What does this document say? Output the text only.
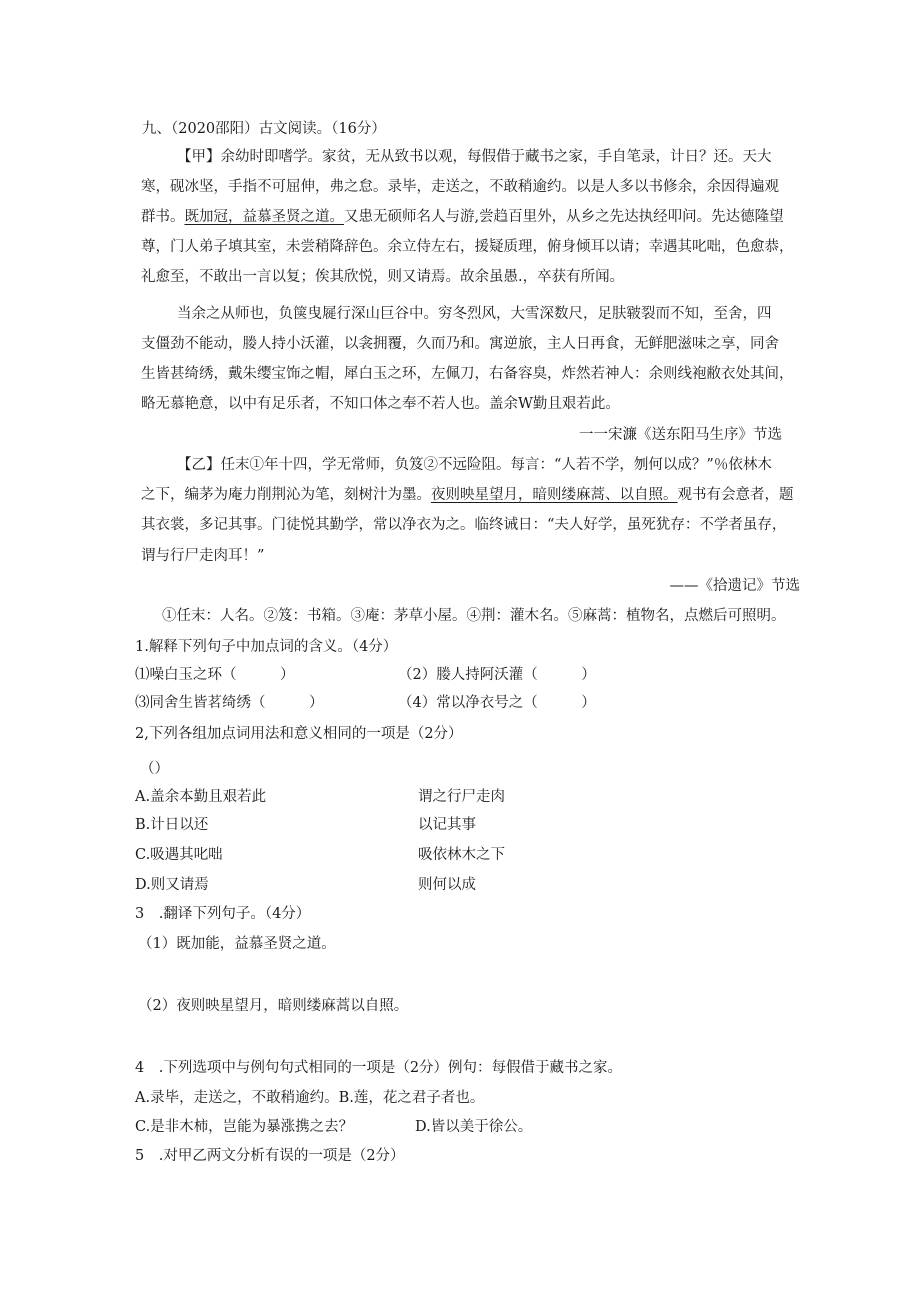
九、（2020邵阳）古文阅读。（16分）
【甲】余幼时即嗜学。家贫，无从致书以观，每假借于藏书之家，手自笔录，计日？还。天大
寒，砚冰坚，手指不可屈伸，弗之怠。录毕，走送之，不敢稍逾约。以是人多以书修余，余因得遍观
群书。既加冠，益慕圣贤之道。又患无硕师名人与游,尝趋百里外，从乡之先达执经叩问。先达德隆望
尊，门人弟子填其室，未尝稍降辞色。余立侍左右，援疑质理，俯身倾耳以请；幸遇其叱咄，色愈恭，
礼愈至，不敢出一言以复；俟其欣悦，则又请焉。故余虽愚.，卒获有所闻。
当余之从师也，负箧曳屣行深山巨谷中。穷冬烈风，大雪深数尺，足肤皲裂而不知，至舍，四
支僵劲不能动，媵人持小沃灌，以衾拥覆，久而乃和。寓逆旅，主人日再食，无鲜肥滋味之享，同舍
生皆甚绮绣，戴朱缨宝饰之帽，犀白玉之环，左佩刀，右备容臭，炸然若神人：余则线袍敝衣处其间，
略无慕艳意，以中有足乐者，不知口体之奉不若人也。盖余W勤且艰若此。
一一宋濂《送东阳马生序》节选
【乙】任末①年十四，学无常师，负笈②不远险阻。每言：“人若不学，刎何以成？”％依林木
之下，编茅为庵力削荆沁为笔，刻树汁为墨。夜则映星望月，暗则缕麻蒿、以自照。观书有会意者，题
其衣裳，多记其事。门徒悦其勤学，常以净衣为之。临终诫日：“夫人好学，虽死犹存：不学者虽存，
谓与行尸走肉耳！”
——《拾遗记》节选
①任末：人名。②笈：书箱。③庵：茅草小屋。④荆：灌木名。⑤麻蒿：植物名，点燃后可照明。
1.解释下列句子中加点词的含义。（4分）
⑴噪白玉之环（　　　）	（2）媵人持阿沃灌（　　　）
⑶同舍生皆茗绮绣（　　　）	（4）常以净衣号之（　　　）
2,下列各组加点词用法和意义相同的一项是（2分）
（）
A.盖余本勤且艰若此	谓之行尸走肉
B.计日以还	以记其事
C.吸遇其叱咄	吸依林木之下
D.则又请焉	则何以成
3　.翻译下列句子。（4分）
（1）既加能，益慕圣贤之道。
（2）夜则映星望月，暗则缕麻蒿以自照。
4　.下列选项中与例句句式相同的一项是（2分）例句：每假借于藏书之家。
A.录毕，走送之，不敢稍逾约。B.莲，花之君子者也。
C.是非木柿，岂能为暴涨携之去？	D.皆以美于徐公。
5　.对甲乙两文分析有误的一项是（2分）
